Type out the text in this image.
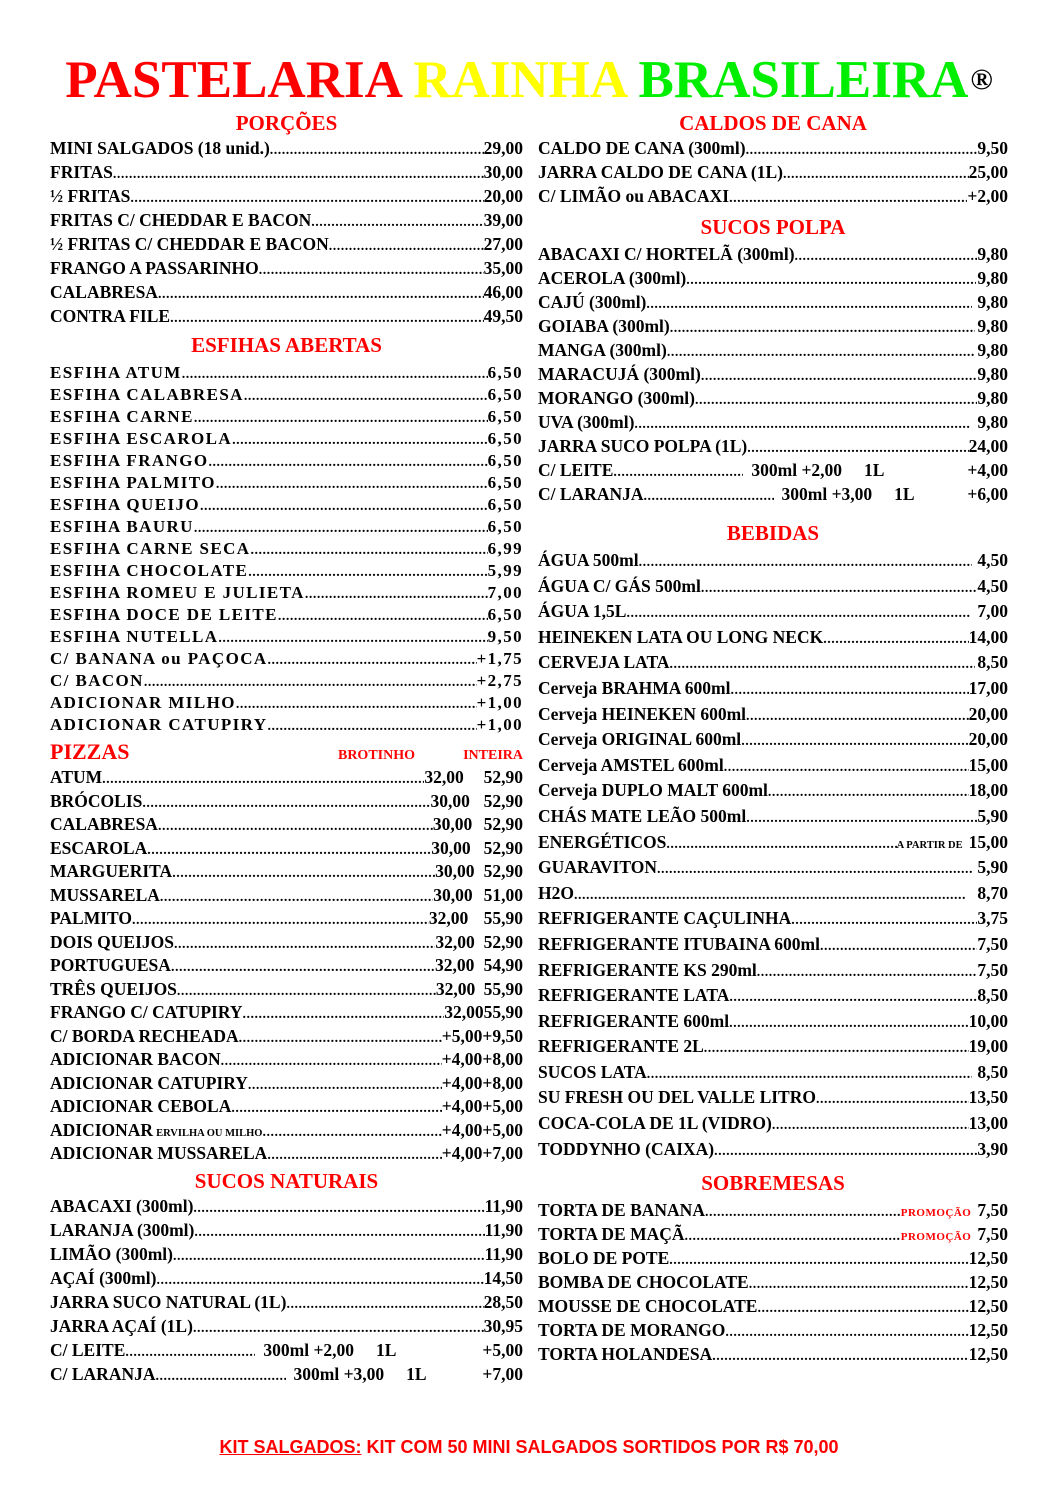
PASTELARIA RAINHA BRASILEIRA®
PORÇÕES
MINI SALGADOS (18 unid.) .....	29,00
FRITAS .....	30,00
½ FRITAS .....	20,00
FRITAS C/ CHEDDAR E BACON .....	39,00
½ FRITAS C/ CHEDDAR E BACON .....	27,00
FRANGO A PASSARINHO .....	35,00
CALABRESA .....	46,00
CONTRA FILE .....	49,50
ESFIHAS ABERTAS
ESFIHA ATUM .....	6,50
ESFIHA CALABRESA .....	6,50
ESFIHA CARNE .....	6,50
ESFIHA ESCAROLA .....	6,50
ESFIHA FRANGO .....	6,50
ESFIHA PALMITO .....	6,50
ESFIHA QUEIJO .....	6,50
ESFIHA BAURU .....	6,50
ESFIHA CARNE SECA .....	6,99
ESFIHA CHOCOLATE .....	5,99
ESFIHA ROMEU E JULIETA .....	7,00
ESFIHA DOCE DE LEITE .....	6,50
ESFIHA NUTELLA .....	9,50
C/ BANANA ou PAÇOCA .....	+1,75
C/ BACON .....	+2,75
ADICIONAR MILHO .....	+1,00
ADICIONAR CATUPIRY .....	+1,00
PIZZAS	BROTINHO	INTEIRA
ATUM .....	32,00	52,90
BRÓCOLIS .....	30,00 52,90
CALABRESA .....	30,00 52,90
ESCAROLA .....	30,00 52,90
MARGUERITA .....	30,00 52,90
MUSSARELA .....	30,00 51,00
PALMITO .....	32,00 55,90
DOIS QUEIJOS .....	32,00 52,90
PORTUGUESA .....	32,00 54,90
TRÊS QUEIJOS .....	32,00 55,90
FRANGO C/ CATUPIRY .....	32,00 55,90
C/ BORDA RECHEADA .....	+5,00 +9,50
ADICIONAR BACON .....	+4,00 +8,00
ADICIONAR CATUPIRY .....	+4,00 +8,00
ADICIONAR CEBOLA .....	+4,00 +5,00
ADICIONAR ERVILHA OU MILHO .....	+4,00 +5,00
ADICIONAR MUSSARELA .....	+4,00 +7,00
SUCOS NATURAIS
ABACAXI (300ml) .....	11,90
LARANJA (300ml) .....	11,90
LIMÃO (300ml) .....	11,90
AÇAÍ (300ml) .....	14,50
JARRA SUCO NATURAL (1L) .....	28,50
JARRA AÇAÍ (1L) .....	30,95
C/ LEITE .....	300ml +2,00 1L	+5,00
C/ LARANJA .....	300ml +3,00 1L	+7,00
CALDOS DE CANA
CALDO DE CANA (300ml) .....	9,50
JARRA CALDO DE CANA (1L) .....	25,00
C/ LIMÃO ou ABACAXI .....	+2,00
SUCOS POLPA
ABACAXI C/ HORTELÃ (300ml) .....	9,80
ACEROLA (300ml) .....	9,80
CAJÚ (300ml) .....	9,80
GOIABA (300ml) .....	9,80
MANGA (300ml) .....	9,80
MARACUJÁ (300ml) .....	9,80
MORANGO (300ml) .....	9,80
UVA (300ml) .....	9,80
JARRA SUCO POLPA (1L) .....	24,00
C/ LEITE .....	300ml +2,00 1L	+4,00
C/ LARANJA .....	300ml +3,00 1L	+6,00
BEBIDAS
ÁGUA 500ml .....	4,50
ÁGUA C/ GÁS 500ml .....	4,50
ÁGUA 1,5L .....	7,00
HEINEKEN LATA OU LONG NECK .....	14,00
CERVEJA LATA .....	8,50
Cerveja BRAHMA 600ml .....	17,00
Cerveja HEINEKEN 600ml .....	20,00
Cerveja ORIGINAL 600ml .....	20,00
Cerveja AMSTEL 600ml .....	15,00
Cerveja DUPLO MALT 600ml .....	18,00
CHÁS MATE LEÃO 500ml .....	5,90
ENERGÉTICOS .....	A PARTIR DE 15,00
GUARAVITON .....	5,90
H2O .....	8,70
REFRIGERANTE CAÇULINHA .....	3,75
REFRIGERANTE ITUBAINA 600ml .....	7,50
REFRIGERANTE KS 290ml .....	7,50
REFRIGERANTE LATA .....	8,50
REFRIGERANTE 600ml .....	10,00
REFRIGERANTE 2L .....	19,00
SUCOS LATA .....	8,50
SU FRESH OU DEL VALLE LITRO .....	13,50
COCA-COLA DE 1L (VIDRO) .....	13,00
TODDYNHO (CAIXA) .....	3,90
SOBREMESAS
TORTA DE BANANA .....	PROMOÇÃO 7,50
TORTA DE MAÇÃ .....	PROMOÇÃO 7,50
BOLO DE POTE .....	12,50
BOMBA DE CHOCOLATE .....	12,50
MOUSSE DE CHOCOLATE .....	12,50
TORTA DE MORANGO .....	12,50
TORTA HOLANDESA .....	12,50
KIT SALGADOS: KIT COM 50 MINI SALGADOS SORTIDOS POR R$ 70,00
